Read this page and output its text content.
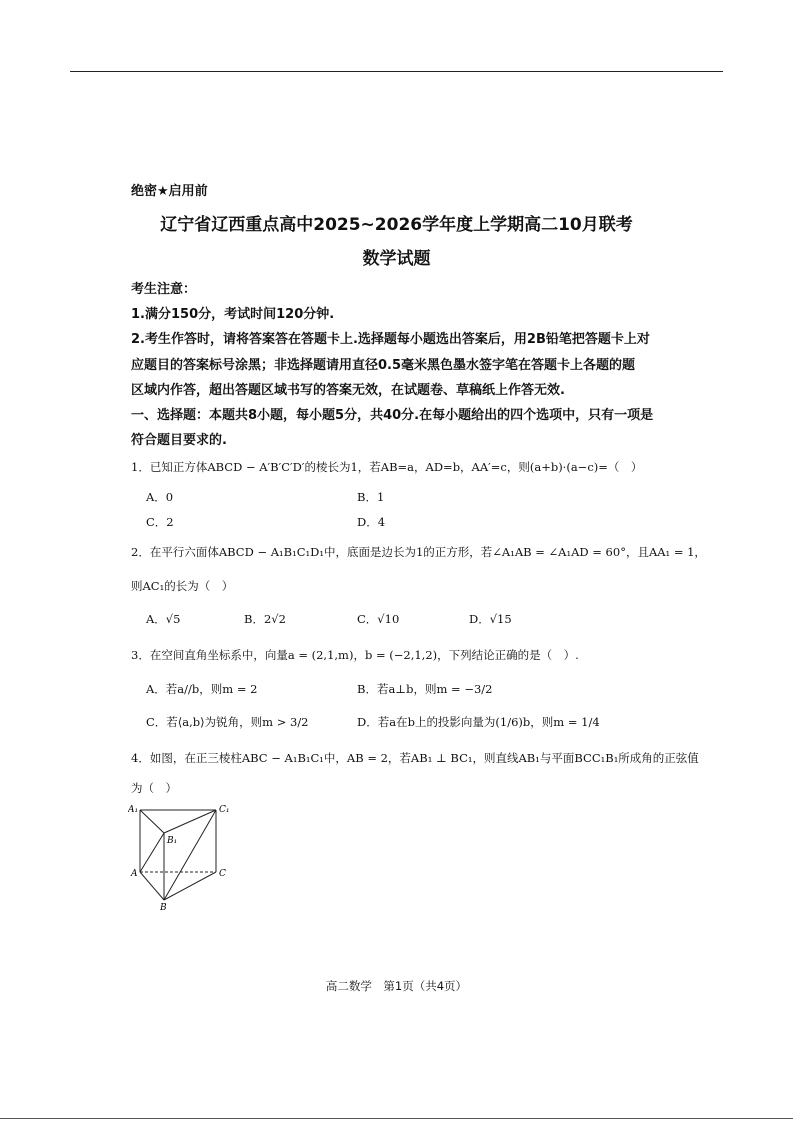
绝密★启用前
辽宁省辽西重点高中2025~2026学年度上学期高二10月联考
数学试题
考生注意：
1.满分150分，考试时间120分钟.
2.考生作答时，请将答案答在答题卡上.选择题每小题选出答案后，用2B铅笔把答题卡上对
应题目的答案标号涂黑；非选择题请用直径0.5毫米黑色墨水签字笔在答题卡上各题的题
区域内作答，超出答题区域书写的答案无效，在试题卷、草稿纸上作答无效.
一、选择题：本题共8小题，每小题5分，共40分.在每小题给出的四个选项中，只有一项是
符合题目要求的.
1．已知正方体ABCD − A′B′C′D′的棱长为1，若AB=a，AD=b，AA′=c，则(a+b)·(a−c)=（　）
A．0	B．1
C．2	D．4
2．在平行六面体ABCD − A₁B₁C₁D₁中，底面是边长为1的正方形，若∠A₁AB = ∠A₁AD = 60°，且AA₁ = 1，
则AC₁的长为（　）
A．√5	B．2√2	C．√10	D．√15
3．在空间直角坐标系中，向量a = (2,1,m)，b = (−2,1,2)，下列结论正确的是（　）.
A．若a//b，则m = 2	B．若a⊥b，则m = −3/2
C．若⟨a,b⟩为锐角，则m > 3/2	D．若a在b上的投影向量为(1/6)b，则m = 1/4
4．如图，在正三棱柱ABC − A₁B₁C₁中，AB = 2，若AB₁ ⊥ BC₁，则直线AB₁与平面BCC₁B₁所成角的正弦值
为（　）
A₁	C₁
B₁
A	C
B
高二数学　第1页（共4页）
